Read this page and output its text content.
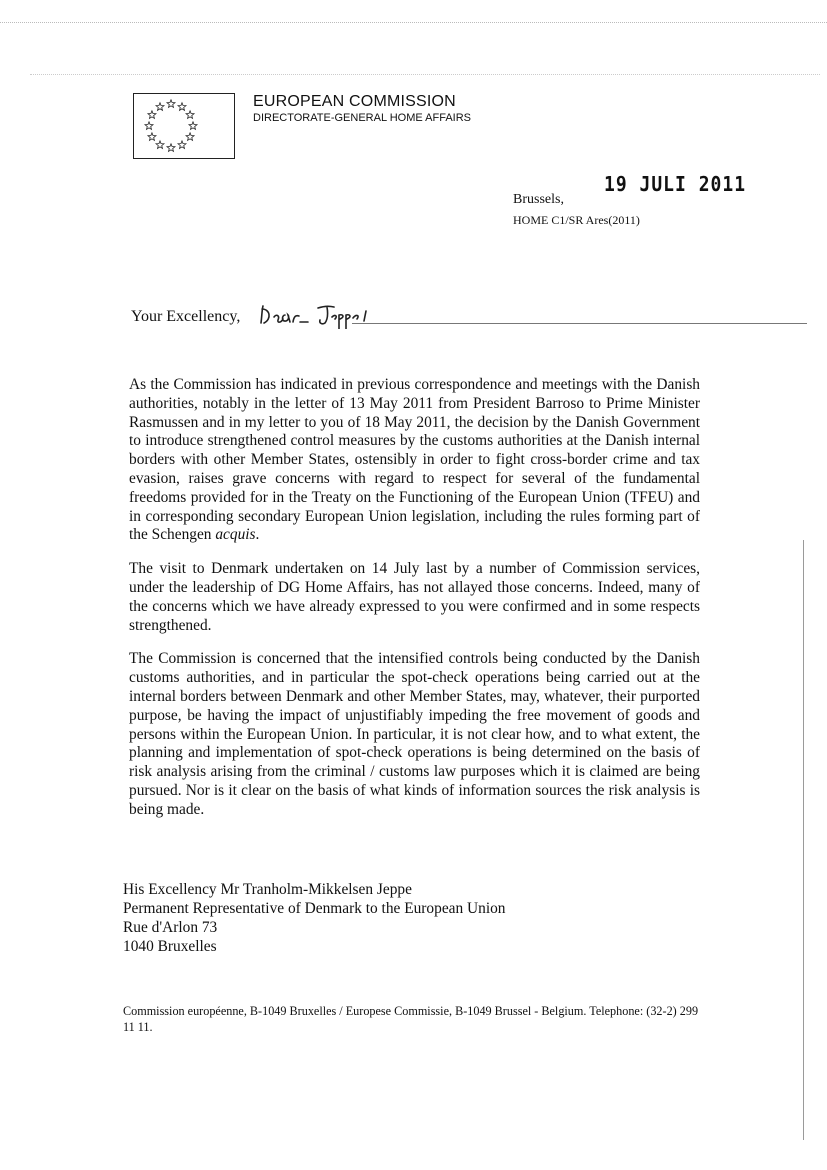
EUROPEAN COMMISSION
DIRECTORATE-GENERAL HOME AFFAIRS
19 JULI 2011
Brussels,
HOME C1/SR Ares(2011)
Your Excellency,

As the Commission has indicated in previous correspondence and meetings with the Danish authorities, notably in the letter of 13 May 2011 from President Barroso to Prime Minister Rasmussen and in my letter to you of 18 May 2011, the decision by the Danish Government to introduce strengthened control measures by the customs authorities at the Danish internal borders with other Member States, ostensibly in order to fight cross-border crime and tax evasion, raises grave concerns with regard to respect for several of the fundamental freedoms provided for in the Treaty on the Functioning of the European Union (TFEU) and in corresponding secondary European Union legislation, including the rules forming part of the Schengen acquis.

The visit to Denmark undertaken on 14 July last by a number of Commission services, under the leadership of DG Home Affairs, has not allayed those concerns. Indeed, many of the concerns which we have already expressed to you were confirmed and in some respects strengthened.

The Commission is concerned that the intensified controls being conducted by the Danish customs authorities, and in particular the spot-check operations being carried out at the internal borders between Denmark and other Member States, may, whatever, their purported purpose, be having the impact of unjustifiably impeding the free movement of goods and persons within the European Union. In particular, it is not clear how, and to what extent, the planning and implementation of spot-check operations is being determined on the basis of risk analysis arising from the criminal / customs law purposes which it is claimed are being pursued. Nor is it clear on the basis of what kinds of information sources the risk analysis is being made.

His Excellency Mr Tranholm-Mikkelsen Jeppe
Permanent Representative of Denmark to the European Union
Rue d'Arlon 73
1040 Bruxelles
Commission européenne, B-1049 Bruxelles / Europese Commissie, B-1049 Brussel - Belgium. Telephone: (32-2) 299 11 11.
